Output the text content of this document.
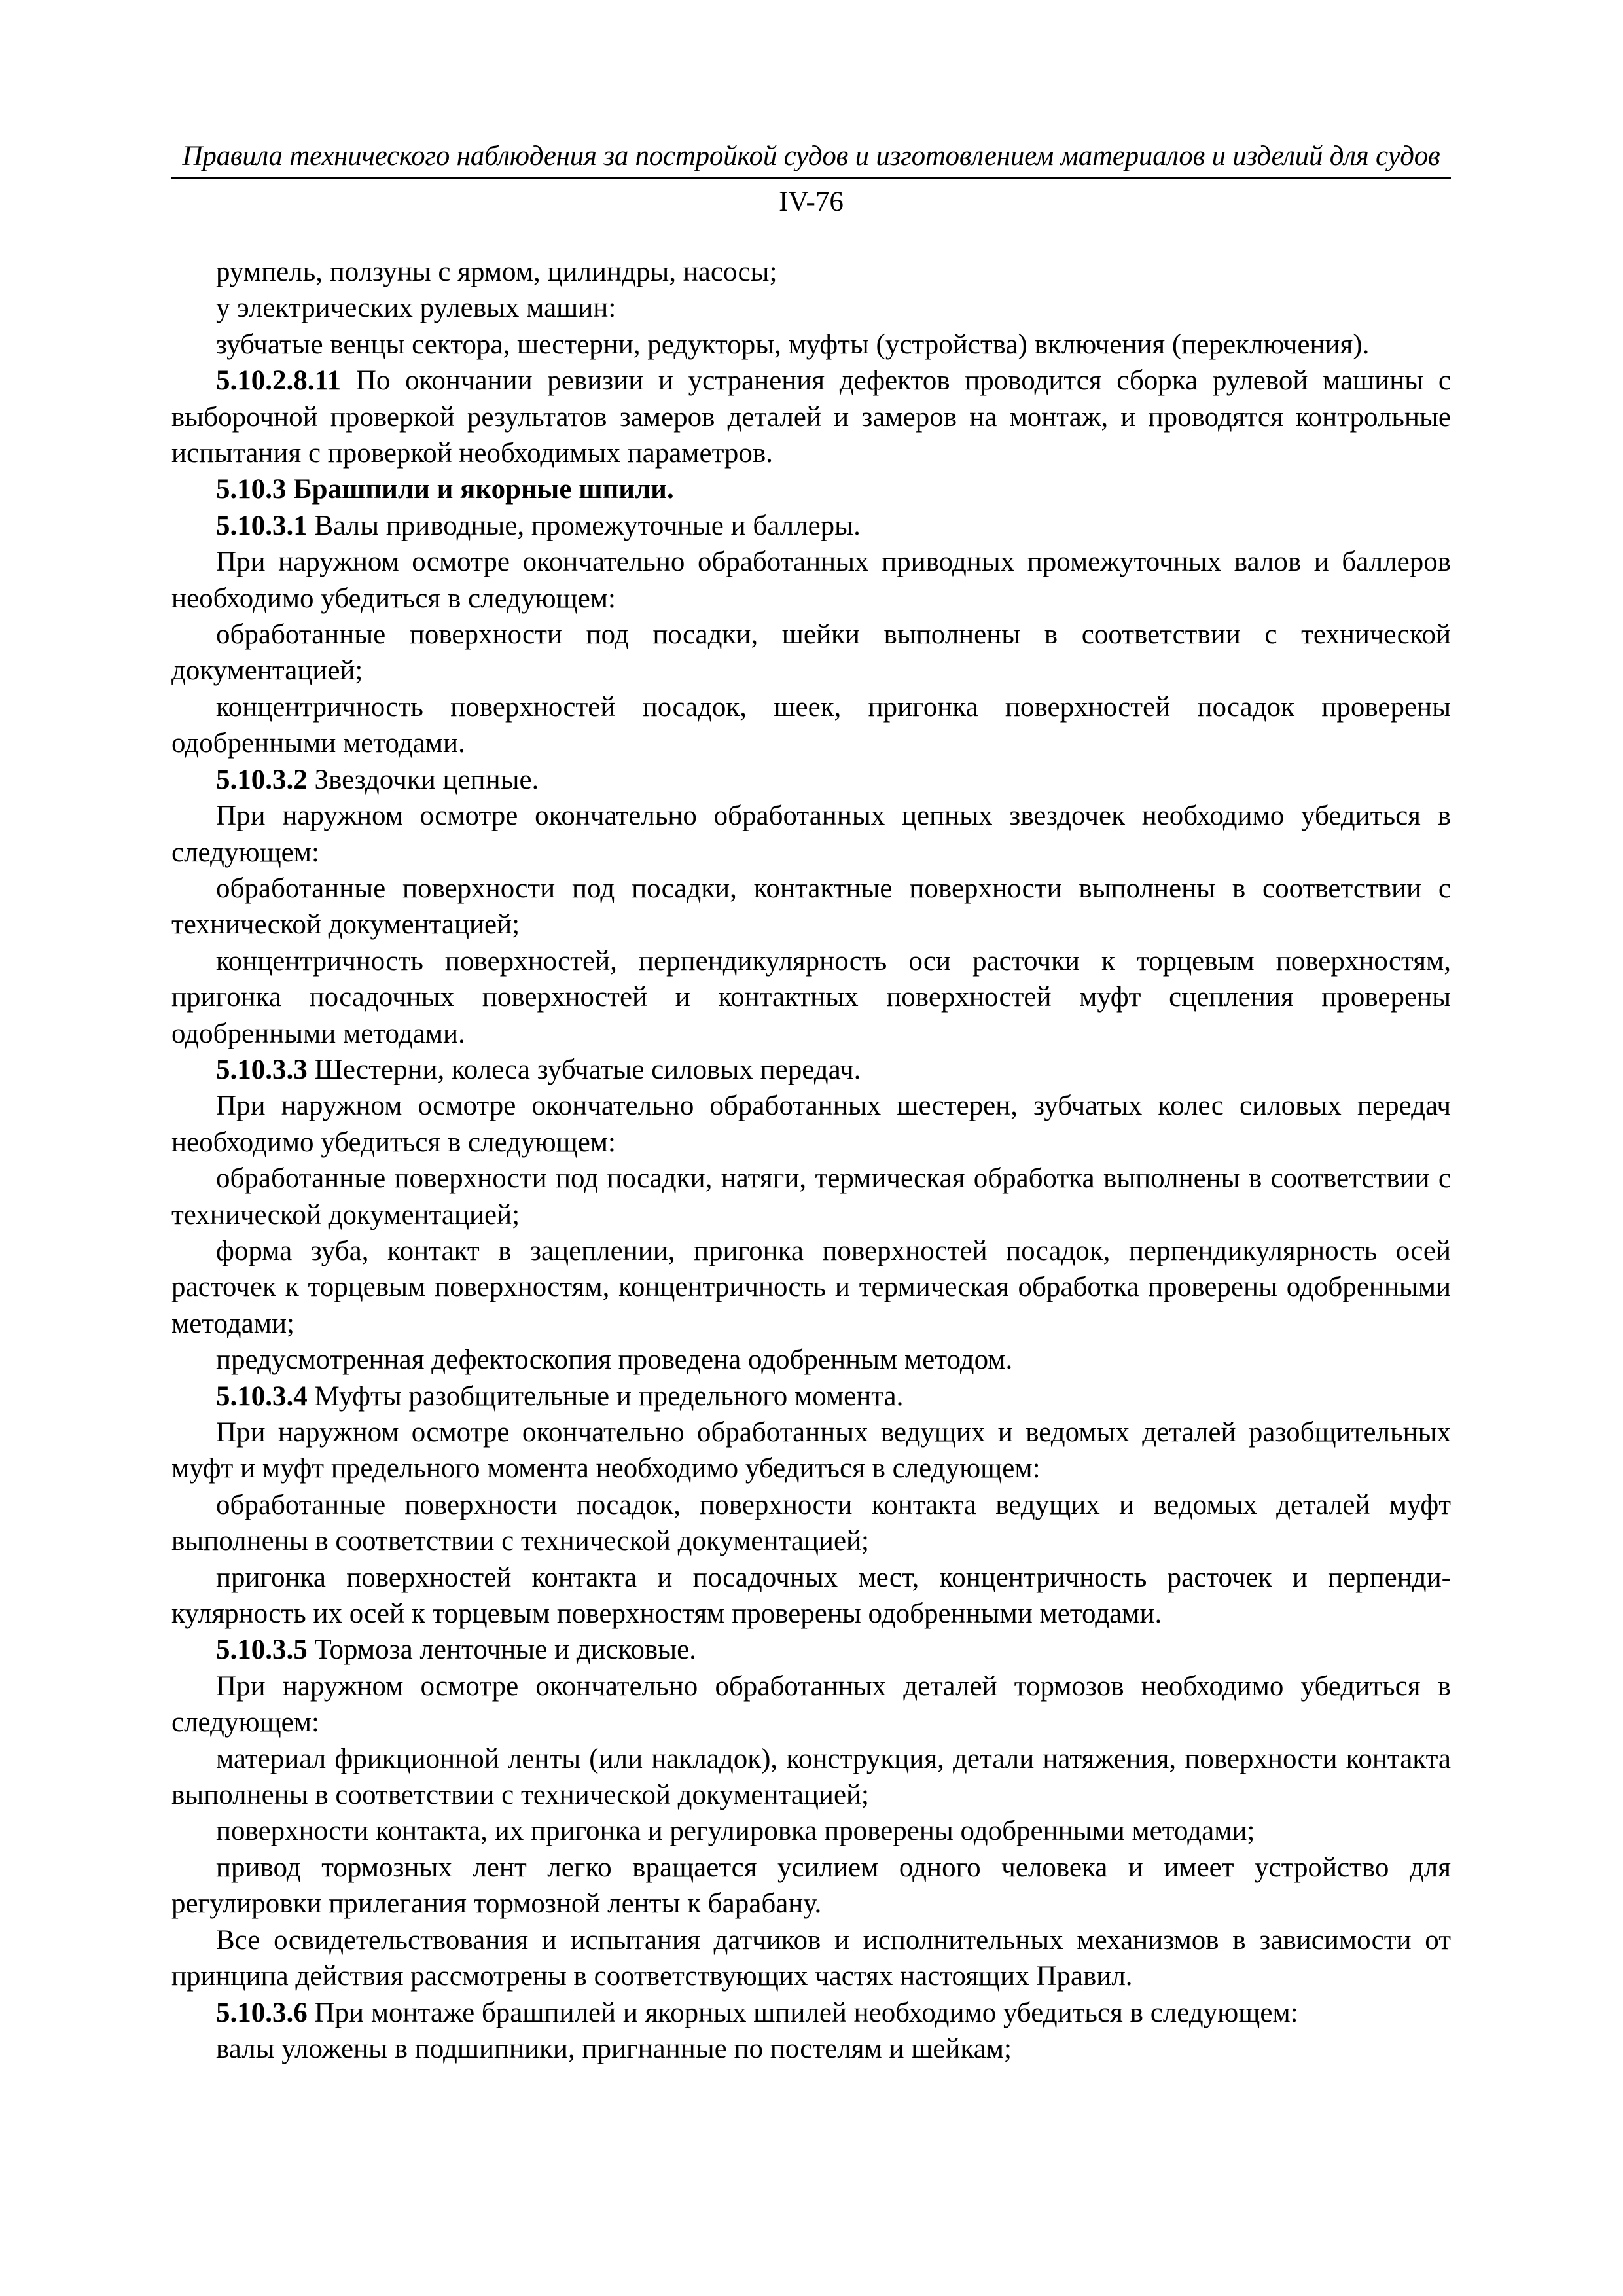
Правила технического наблюдения за постройкой судов и изготовлением материалов и изделий для судов
IV-76

румпель, ползуны с ярмом, цилиндры, насосы;

у электрических рулевых машин:

зубчатые венцы сектора, шестерни, редукторы, муфты (устройства) включения (переключения).

5.10.2.8.11 По окончании ревизии и устранения дефектов проводится сборка рулевой машины с выборочной проверкой результатов замеров деталей и замеров на монтаж, и проводятся контрольные испытания с проверкой необходимых параметров.

5.10.3 Брашпили и якорные шпили.

5.10.3.1 Валы приводные, промежуточные и баллеры.

При наружном осмотре окончательно обработанных приводных промежуточных валов и баллеров необходимо убедиться в следующем:

обработанные поверхности под посадки, шейки выполнены в соответствии с технической документацией;

концентричность поверхностей посадок, шеек, пригонка поверхностей посадок проверены одобренными методами.

5.10.3.2 Звездочки цепные.

При наружном осмотре окончательно обработанных цепных звездочек необходимо убедиться в следующем:

обработанные поверхности под посадки, контактные поверхности выполнены в соответствии с технической документацией;

концентричность поверхностей, перпендикулярность оси расточки к торцевым поверхностям, пригонка посадочных поверхностей и контактных поверхностей муфт сцепления проверены одобренными методами.

5.10.3.3 Шестерни, колеса зубчатые силовых передач.

При наружном осмотре окончательно обработанных шестерен, зубчатых колес силовых передач необходимо убедиться в следующем:

обработанные поверхности под посадки, натяги, термическая обработка выполнены в соответствии с технической документацией;

форма зуба, контакт в зацеплении, пригонка поверхностей посадок, перпендикулярность осей расточек к торцевым поверхностям, концентричность и термическая обработка проверены одобренными методами;

предусмотренная дефектоскопия проведена одобренным методом.

5.10.3.4 Муфты разобщительные и предельного момента.

При наружном осмотре окончательно обработанных ведущих и ведомых деталей разобщительных муфт и муфт предельного момента необходимо убедиться в следующем:

обработанные поверхности посадок, поверхности контакта ведущих и ведомых деталей муфт выполнены в соответствии с технической документацией;

пригонка поверхностей контакта и посадочных мест, концентричность расточек и перпенди-кулярность их осей к торцевым поверхностям проверены одобренными методами.

5.10.3.5 Тормоза ленточные и дисковые.

При наружном осмотре окончательно обработанных деталей тормозов необходимо убедиться в следующем:

материал фрикционной ленты (или накладок), конструкция, детали натяжения, поверхности контакта выполнены в соответствии с технической документацией;

поверхности контакта, их пригонка и регулировка проверены одобренными методами;

привод тормозных лент легко вращается усилием одного человека и имеет устройство для регулировки прилегания тормозной ленты к барабану.

Все освидетельствования и испытания датчиков и исполнительных механизмов в зависимости от принципа действия рассмотрены в соответствующих частях настоящих Правил.

5.10.3.6 При монтаже брашпилей и якорных шпилей необходимо убедиться в следующем:

валы уложены в подшипники, пригнанные по постелям и шейкам;
